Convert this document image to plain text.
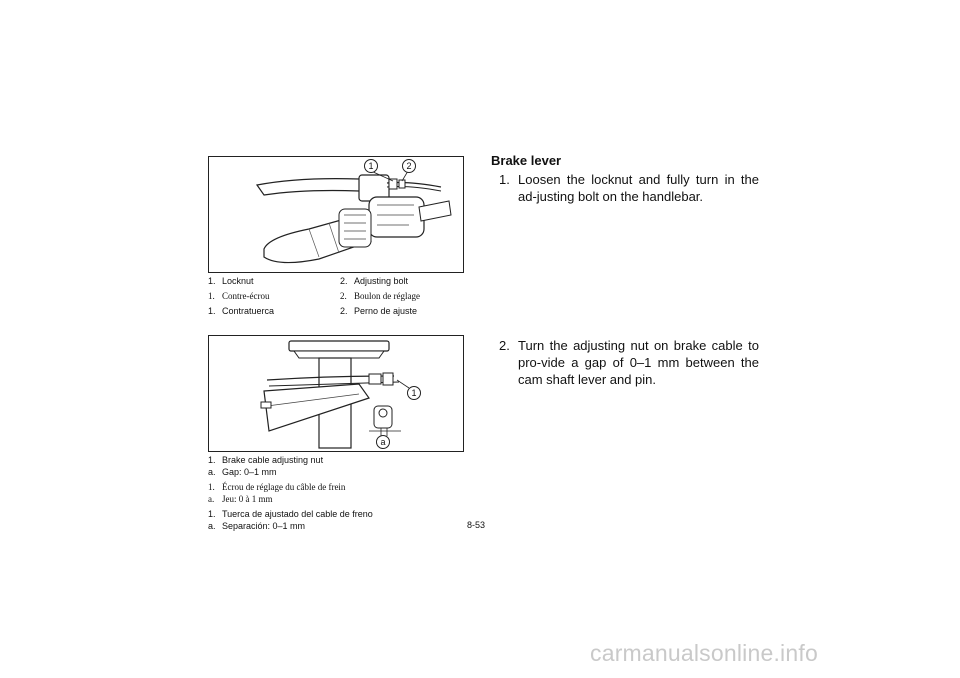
1	2
1. Locknut	2. Adjusting bolt
1. Contre-écrou	2. Boulon de réglage
1. Contratuerca	2. Perno de ajuste
1
a
1. Brake cable adjusting nut
a. Gap: 0–1 mm
1. Écrou de réglage du câble de frein
a. Jeu: 0 à 1 mm
1. Tuerca de ajustado del cable de freno
a. Separación: 0–1 mm
Brake lever
1. Loosen the locknut and fully turn in the ad-justing bolt on the handlebar.
2. Turn the adjusting nut on brake cable to pro-vide a gap of 0–1 mm between the cam shaft lever and pin.
8-53
carmanualsonline.info
